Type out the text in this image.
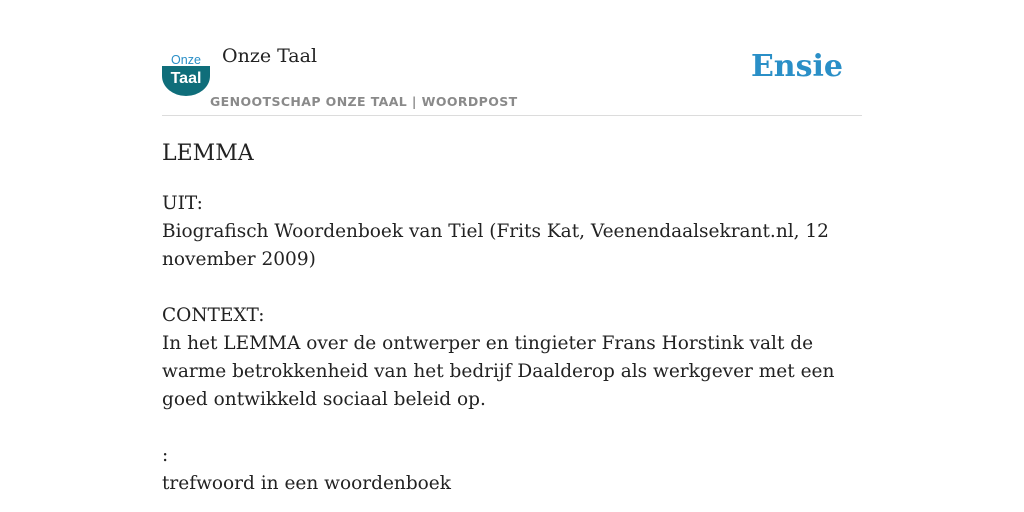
Onze
Taal
Onze Taal
GENOOTSCHAP ONZE TAAL | WOORDPOST
Ensie
LEMMA

UIT:

Biografisch Woordenboek van Tiel (Frits Kat, Veenendaalsekrant.nl, 12 november 2009)

CONTEXT:

In het LEMMA over de ontwerper en tingieter Frans Horstink valt de warme betrokkenheid van het bedrijf Daalderop als werkgever met een goed ontwikkeld sociaal beleid op.

:

trefwoord in een woordenboek
